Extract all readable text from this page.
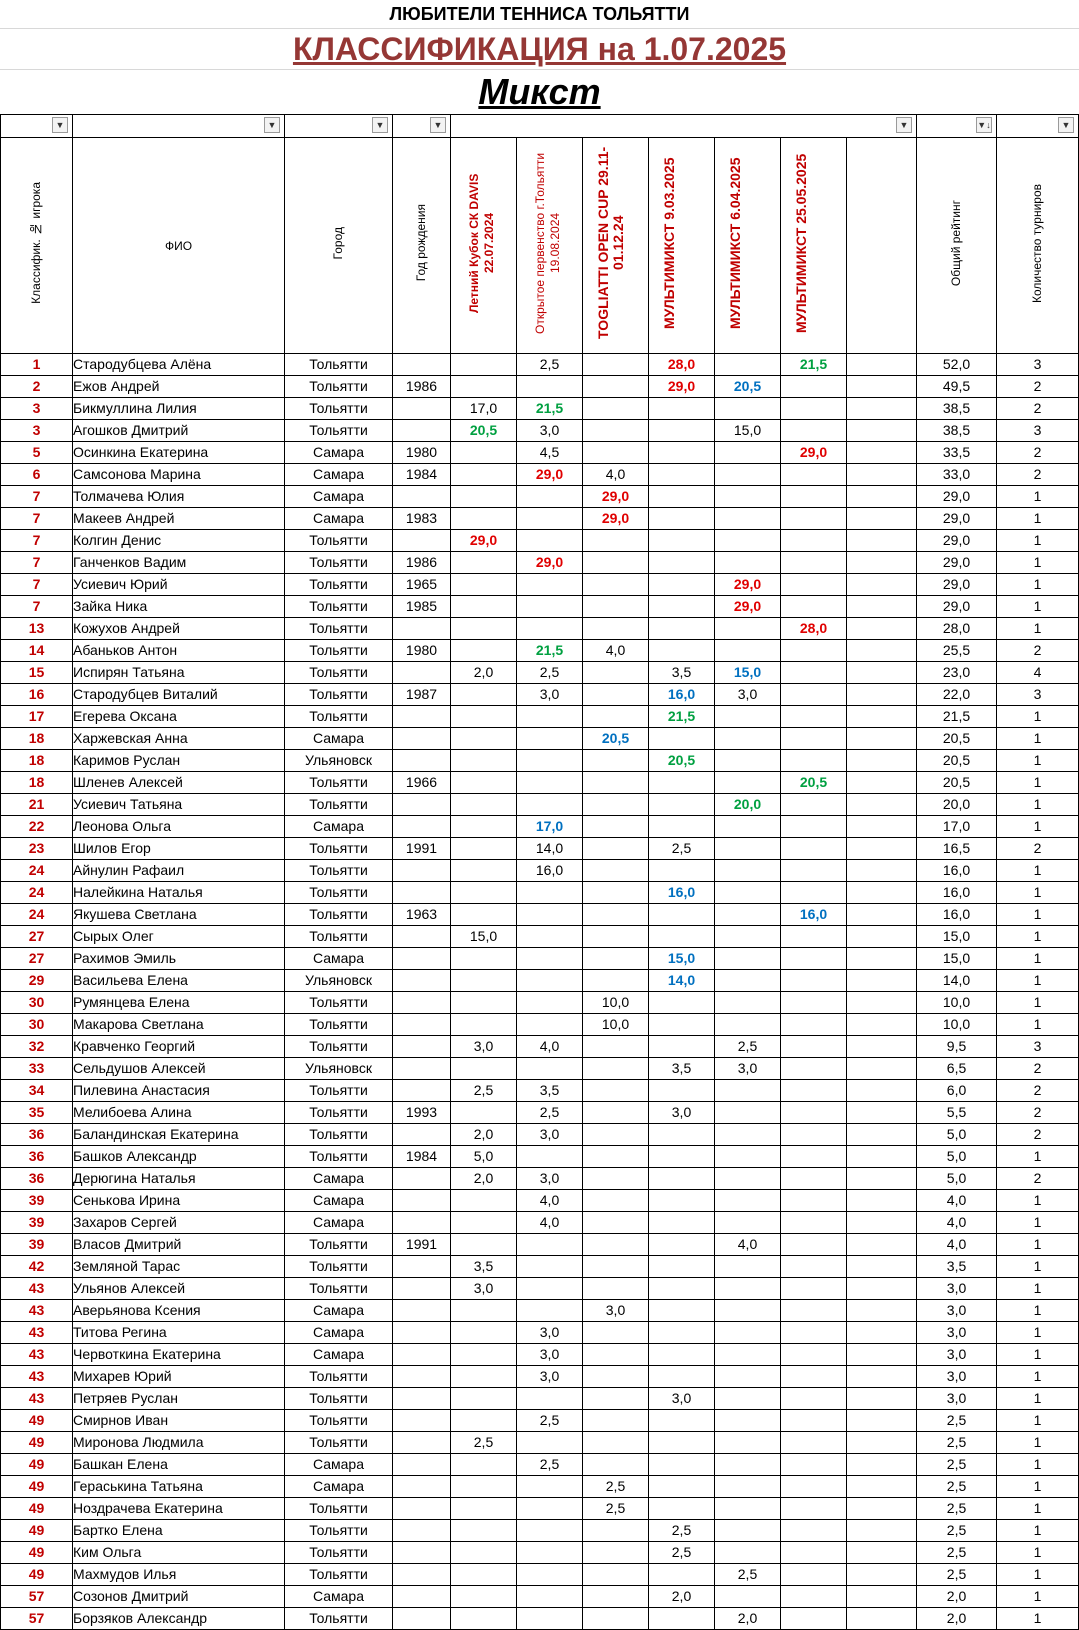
ЛЮБИТЕЛИ ТЕННИСА ТОЛЬЯТТИ
КЛАССИФИКАЦИЯ на 1.07.2025
Микст
▼	▼	▼	▼	▼							▼↓	▼

Классифик. № игрока	ФИО	Город	Год рождения	Летний Кубок СК DAVIS 22.07.2024	Открытое первенство г.Тольятти 19.08.2024	TOGLIATTI OPEN CUP 29.11-01.12.24	МУЛЬТИМИКСТ 9.03.2025	МУЛЬТИМИКСТ 6.04.2025	МУЛЬТИМИКСТ 25.05.2025		Общий рейтинг	Количество турниров
1	Стародубцева Алёна	Тольятти			2,5		28,0		21,5		52,0	3
2	Ежов Андрей	Тольятти	1986				29,0	20,5			49,5	2
3	Бикмуллина Лилия	Тольятти		17,0	21,5						38,5	2
3	Агошков Дмитрий	Тольятти		20,5	3,0			15,0			38,5	3
5	Осинкина Екатерина	Самара	1980		4,5				29,0		33,5	2
6	Самсонова Марина	Самара	1984		29,0	4,0					33,0	2
7	Толмачева Юлия	Самара				29,0					29,0	1
7	Макеев Андрей	Самара	1983			29,0					29,0	1
7	Колгин Денис	Тольятти		29,0							29,0	1
7	Ганченков Вадим	Тольятти	1986		29,0						29,0	1
7	Усиевич Юрий	Тольятти	1965					29,0			29,0	1
7	Зайка Ника	Тольятти	1985					29,0			29,0	1
13	Кожухов Андрей	Тольятти							28,0		28,0	1
14	Абаньков Антон	Тольятти	1980		21,5	4,0					25,5	2
15	Испирян Татьяна	Тольятти		2,0	2,5		3,5	15,0			23,0	4
16	Стародубцев Виталий	Тольятти	1987		3,0		16,0	3,0			22,0	3
17	Егерева Оксана	Тольятти					21,5				21,5	1
18	Харжевская Анна	Самара				20,5					20,5	1
18	Каримов Руслан	Ульяновск					20,5				20,5	1
18	Шленев Алексей	Тольятти	1966						20,5		20,5	1
21	Усиевич Татьяна	Тольятти						20,0			20,0	1
22	Леонова Ольга	Самара			17,0						17,0	1
23	Шилов Егор	Тольятти	1991		14,0		2,5				16,5	2
24	Айнулин Рафаил	Тольятти			16,0						16,0	1
24	Налейкина Наталья	Тольятти					16,0				16,0	1
24	Якушева Светлана	Тольятти	1963						16,0		16,0	1
27	Сырых Олег	Тольятти		15,0							15,0	1
27	Рахимов Эмиль	Самара					15,0				15,0	1
29	Васильева Елена	Ульяновск					14,0				14,0	1
30	Румянцева Елена	Тольятти				10,0					10,0	1
30	Макарова Светлана	Тольятти				10,0					10,0	1
32	Кравченко Георгий	Тольятти		3,0	4,0			2,5			9,5	3
33	Сельдушов Алексей	Ульяновск					3,5	3,0			6,5	2
34	Пилевина Анастасия	Тольятти		2,5	3,5						6,0	2
35	Мелибоева Алина	Тольятти	1993		2,5		3,0				5,5	2
36	Баландинская Екатерина	Тольятти		2,0	3,0						5,0	2
36	Башков Александр	Тольятти	1984	5,0							5,0	1
36	Дерюгина Наталья	Самара		2,0	3,0						5,0	2
39	Сенькова Ирина	Самара			4,0						4,0	1
39	Захаров Сергей	Самара			4,0						4,0	1
39	Власов Дмитрий	Тольятти	1991					4,0			4,0	1
42	Земляной Тарас	Тольятти		3,5							3,5	1
43	Ульянов Алексей	Тольятти		3,0							3,0	1
43	Аверьянова Ксения	Самара				3,0					3,0	1
43	Титова Регина	Самара			3,0						3,0	1
43	Червоткина Екатерина	Самара			3,0						3,0	1
43	Михарев Юрий	Тольятти			3,0						3,0	1
43	Петряев Руслан	Тольятти					3,0				3,0	1
49	Смирнов Иван	Тольятти			2,5						2,5	1
49	Миронова Людмила	Тольятти		2,5							2,5	1
49	Башкан Елена	Самара			2,5						2,5	1
49	Гераськина Татьяна	Самара				2,5					2,5	1
49	Ноздрачева Екатерина	Тольятти				2,5					2,5	1
49	Бартко Елена	Тольятти					2,5				2,5	1
49	Ким Ольга	Тольятти					2,5				2,5	1
49	Махмудов Илья	Тольятти						2,5			2,5	1
57	Созонов Дмитрий	Самара					2,0				2,0	1
57	Борзяков Александр	Тольятти						2,0			2,0	1
